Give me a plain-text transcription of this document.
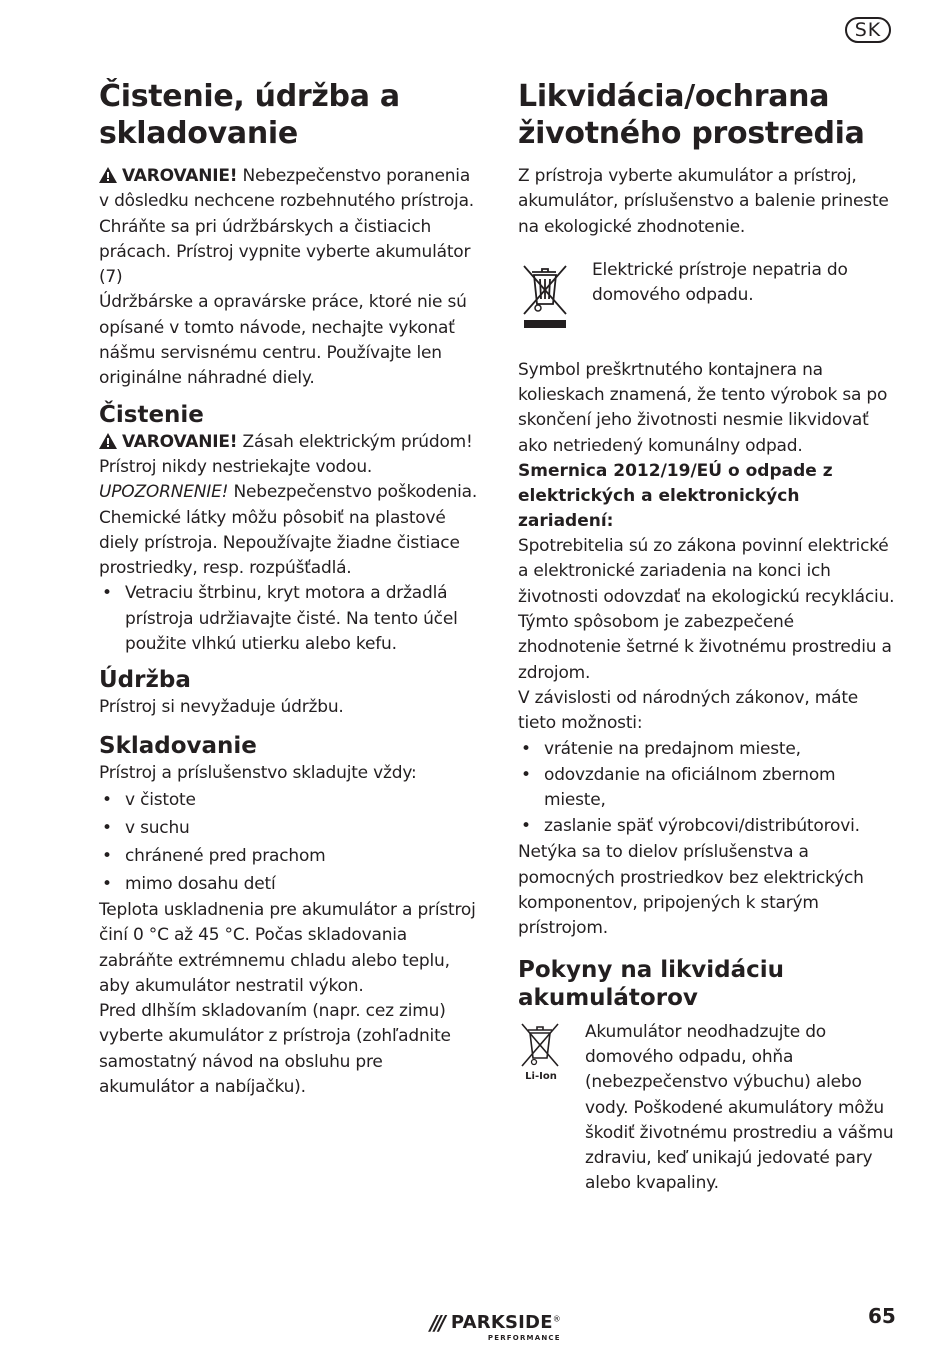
SK
Čistenie, údržba a skladovanie

VAROVANIE! Nebezpečenstvo poranenia v dôsledku nechcene rozbehnutého prístroja. Chráňte sa pri údržbárskych a čistiacich prácach. Prístroj vypnite vyberte akumulátor (7)

Údržbárske a opravárske práce, ktoré nie sú opísané v tomto návode, nechajte vykonať nášmu servisnému centru. Používajte len originálne náhradné diely.

Čistenie

VAROVANIE! Zásah elektrickým prúdom! Prístroj nikdy nestriekajte vodou.

UPOZORNENIE! Nebezpečenstvo poškodenia. Chemické látky môžu pôsobiť na plastové diely prístroja. Nepoužívajte žiadne čistiace prostriedky, resp. rozpúšťadlá.

• Vetraciu štrbinu, kryt motora a držadlá prístroja udržiavajte čisté. Na tento účel použite vlhkú utierku alebo kefu.
Údržba

Prístroj si nevyžaduje údržbu.

Skladovanie

Prístroj a príslušenstvo skladujte vždy:

• v čistote
• v suchu
• chránené pred prachom
• mimo dosahu detí

Teplota uskladnenia pre akumulátor a prístroj činí 0 °C až 45 °C. Počas skladovania zabráňte extrémnemu chladu alebo teplu, aby akumulátor nestratil výkon.

Pred dlhším skladovaním (napr. cez zimu) vyberte akumulátor z prístroja (zohľadnite samostatný návod na obsluhu pre akumulátor a nabíjačku).

Likvidácia/ochrana životného prostredia

Z prístroja vyberte akumulátor a prístroj, akumulátor, príslušenstvo a balenie prineste na ekologické zhodnotenie.

Elektrické prístroje nepatria do domového odpadu.

Symbol preškrtnutého kontajnera na kolieskach znamená, že tento výrobok sa po skončení jeho životnosti nesmie likvidovať ako netriedený komunálny odpad.

Smernica 2012/19/EÚ o odpade z elektrických a elektronických zariadení:

Spotrebitelia sú zo zákona povinní elektrické a elektronické zariadenia na konci ich životnosti odovzdať na ekologickú recykláciu. Týmto spôsobom je zabezpečené zhodnotenie šetrné k životnému prostrediu a zdrojom.

V závislosti od národných zákonov, máte tieto možnosti:

• vrátenie na predajnom mieste,
• odovzdanie na oficiálnom zbernom mieste,
• zaslanie späť výrobcovi/distribútorovi.

Netýka sa to dielov príslušenstva a pomocných prostriedkov bez elektrických komponentov, pripojených k starým prístrojom.

Pokyny na likvidáciu akumulátorov
Li-Ion

Akumulátor neodhadzujte do domového odpadu, ohňa (nebezpečenstvo výbuchu) alebo vody. Poškodené akumulátory môžu škodiť životnému prostrediu a vášmu zdraviu, keď unikajú jedovaté pary alebo kvapaliny.

/// PARKSIDE®
PERFORMANCE
65
